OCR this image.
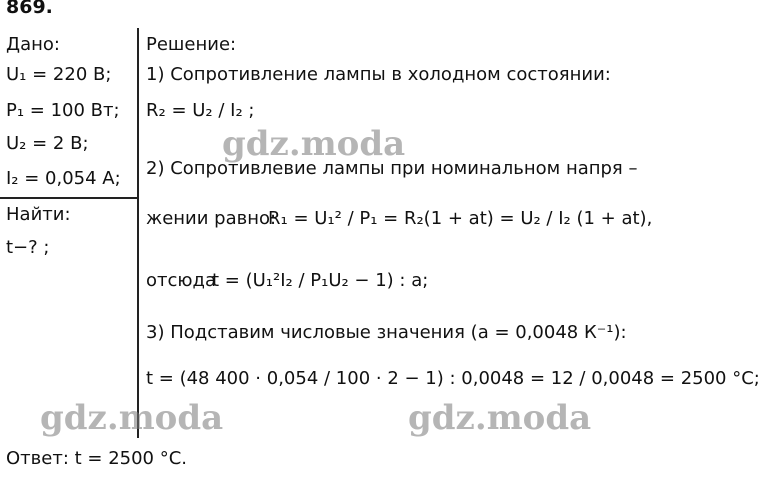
869.
Дано:
U₁ = 220 В;
P₁ = 100 Вт;
U₂ = 2 В;
I₂ = 0,054 А;
Найти:
t−? ;
Решение:
1) Сопротивление лампы в холодном состоянии:
R₂ = U₂ / I₂ ;
2) Сопротивлевие лампы при номинальном напря –
жении равно:
R₁ = U₁² / P₁ = R₂(1 + at) = U₂ / I₂ (1 + at),
отсюда
t = (U₁²I₂ / P₁U₂ − 1) : a;
3) Подставим числовые значения (a = 0,0048 К⁻¹):
t = (48 400 · 0,054 / 100 · 2 − 1) : 0,0048 = 12 / 0,0048 = 2500 °C;
Ответ: t = 2500 °C.
gdz.moda
gdz.moda	gdz.moda
